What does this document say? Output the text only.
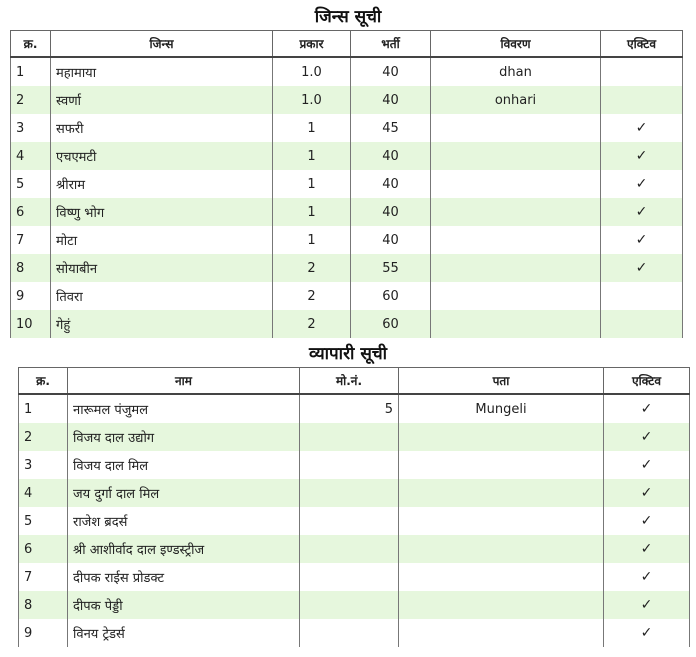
जिन्स सूची
क्र.	जिन्स	प्रकार	भर्ती	विवरण	एक्टिव
1	महामाया	1.0	40	dhan	
2	स्वर्णा	1.0	40	onhari	
3	सफरी	1	45		✓
4	एचएमटी	1	40		✓
5	श्रीराम	1	40		✓
6	विष्णु भोग	1	40		✓
7	मोटा	1	40		✓
8	सोयाबीन	2	55		✓
9	तिवरा	2	60		
10	गेहुं	2	60		
व्यापारी सूची
क्र.	नाम	मो.नं.	पता	एक्टिव
1	नारूमल पंजुमल	5	Mungeli	✓
2	विजय दाल उद्योग			✓
3	विजय दाल मिल			✓
4	जय दुर्गा दाल मिल			✓
5	राजेश ब्रदर्स			✓
6	श्री आशीर्वाद दाल इण्डस्ट्रीज			✓
7	दीपक राईस प्रोडक्ट			✓
8	दीपक पेड्डी			✓
9	विनय ट्रेडर्स			✓
